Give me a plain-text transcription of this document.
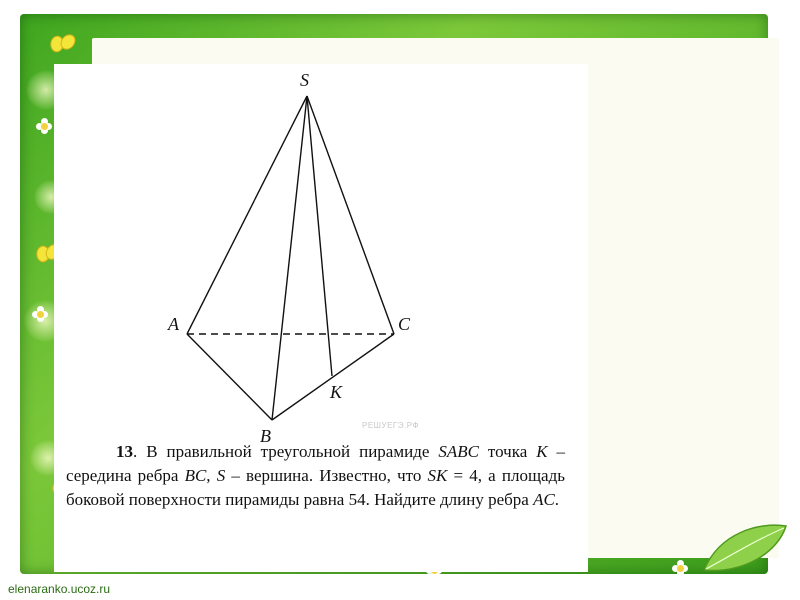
S
A	C
K
B
РЕШУЕГЭ.РФ
13. В правильной треугольной пирамиде SABC точка K – середина ребра BC, S – вершина. Известно, что SK = 4, а площадь боковой поверхности пирамиды равна 54. Найдите длину ребра AC.
elenaranko.ucoz.ru
